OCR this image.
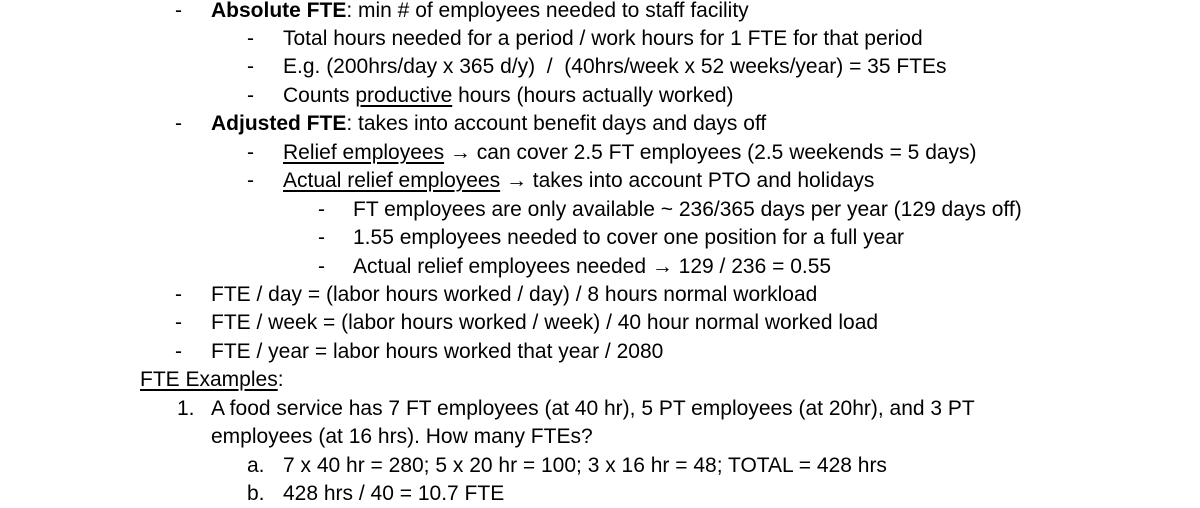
- Absolute FTE: min # of employees needed to staff facility
- Total hours needed for a period / work hours for 1 FTE for that period
- E.g. (200hrs/day x 365 d/y)  /  (40hrs/week x 52 weeks/year) = 35 FTEs
- Counts productive hours (hours actually worked)
- Adjusted FTE: takes into account benefit days and days off
- Relief employees → can cover 2.5 FT employees (2.5 weekends = 5 days)
- Actual relief employees → takes into account PTO and holidays
- FT employees are only available ~ 236/365 days per year (129 days off)
- 1.55 employees needed to cover one position for a full year
- Actual relief employees needed → 129 / 236 = 0.55
- FTE / day = (labor hours worked / day) / 8 hours normal workload
- FTE / week = (labor hours worked / week) / 40 hour normal worked load
- FTE / year = labor hours worked that year / 2080
FTE Examples:
1. A food service has 7 FT employees (at 40 hr), 5 PT employees (at 20hr), and 3 PT
employees (at 16 hrs). How many FTEs?
a. 7 x 40 hr = 280; 5 x 20 hr = 100; 3 x 16 hr = 48; TOTAL = 428 hrs
b. 428 hrs / 40 = 10.7 FTE
